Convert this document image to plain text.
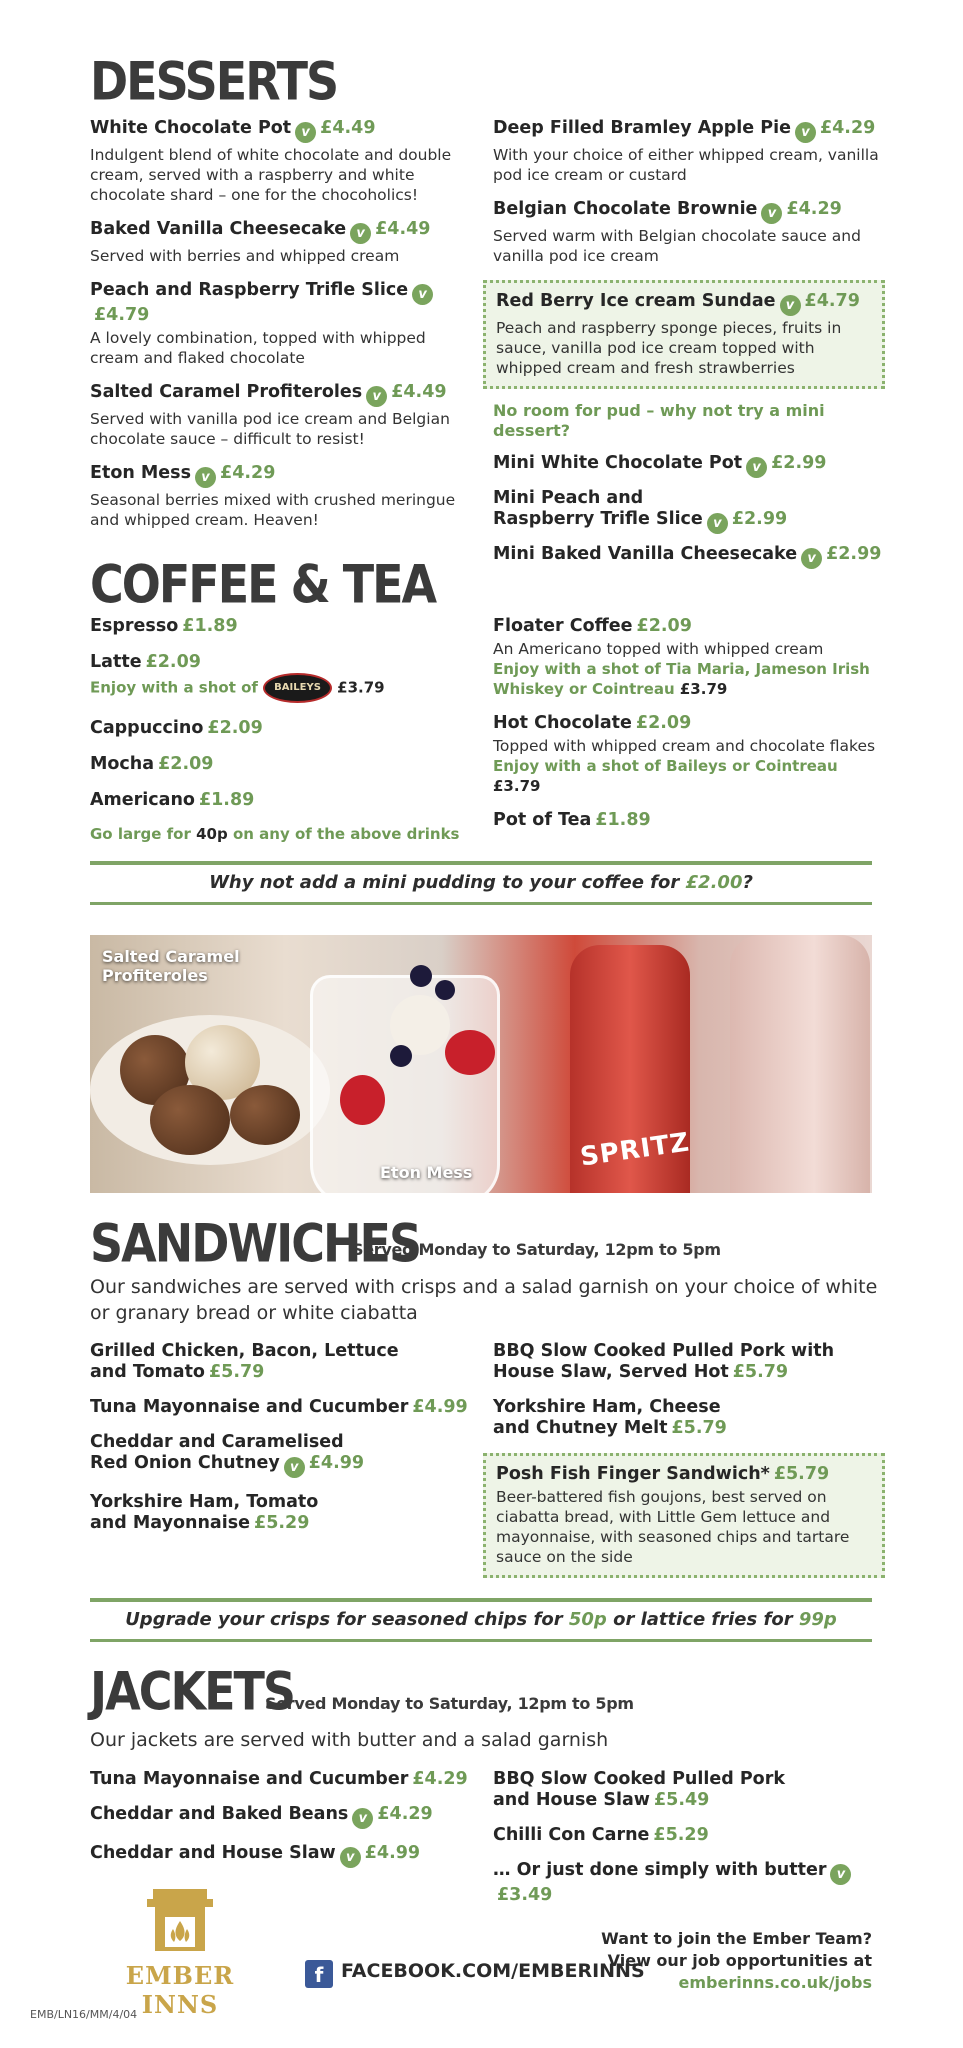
DESSERTS
White Chocolate Pot v £4.49
Indulgent blend of white chocolate and double cream, served with a raspberry and white chocolate shard – one for the chocoholics!
Baked Vanilla Cheesecake v £4.49
Served with berries and whipped cream
Peach and Raspberry Trifle Slice v£4.79
A lovely combination, topped with whipped cream and flaked chocolate
Salted Caramel Profiteroles v £4.49
Served with vanilla pod ice cream and Belgian chocolate sauce – difficult to resist!
Eton Mess v £4.29
Seasonal berries mixed with crushed meringue and whipped cream. Heaven!
Deep Filled Bramley Apple Pie v £4.29
With your choice of either whipped cream, vanilla pod ice cream or custard
Belgian Chocolate Brownie v £4.29
Served warm with Belgian chocolate sauce and vanilla pod ice cream
Red Berry Ice cream Sundae v £4.79
Peach and raspberry sponge pieces, fruits in sauce, vanilla pod ice cream topped with whipped cream and fresh strawberries
No room for pud – why not try a mini dessert?
Mini White Chocolate Pot v £2.99
Mini Peach and
Raspberry Trifle Slice v £2.99
Mini Baked Vanilla Cheesecake v £2.99
COFFEE & TEA
Espresso £1.89
Latte £2.09
Enjoy with a shot of BAILEYS £3.79
Cappuccino £2.09
Mocha £2.09
Americano £1.89
Go large for 40p on any of the above drinks
Floater Coffee £2.09
An Americano topped with whipped cream
Enjoy with a shot of Tia Maria, Jameson Irish Whiskey or Cointreau £3.79
Hot Chocolate £2.09
Topped with whipped cream and chocolate flakes
Enjoy with a shot of Baileys or Cointreau £3.79
Pot of Tea £1.89
Why not add a mini pudding to your coffee for £2.00?
SPRITZ
Salted Caramel Profiteroles
Eton Mess
SANDWICHES
Served Monday to Saturday, 12pm to 5pm
Our sandwiches are served with crisps and a salad garnish on your choice of white or granary bread or white ciabatta
Grilled Chicken, Bacon, Lettuce
and Tomato £5.79
Tuna Mayonnaise and Cucumber £4.99
Cheddar and Caramelised
Red Onion Chutney v £4.99
Yorkshire Ham, Tomato
and Mayonnaise £5.29
BBQ Slow Cooked Pulled Pork with
House Slaw, Served Hot £5.79
Yorkshire Ham, Cheese
and Chutney Melt £5.79
Posh Fish Finger Sandwich* £5.79
Beer-battered fish goujons, best served on ciabatta bread, with Little Gem lettuce and mayonnaise, with seasoned chips and tartare sauce on the side
Upgrade your crisps for seasoned chips for 50p or lattice fries for 99p
JACKETS
Served Monday to Saturday, 12pm to 5pm
Our jackets are served with butter and a salad garnish
Tuna Mayonnaise and Cucumber £4.29
Cheddar and Baked Beans v £4.29
Cheddar and House Slaw v £4.99
BBQ Slow Cooked Pulled Pork
and House Slaw £5.49
Chilli Con Carne £5.29
… Or just done simply with butter v£3.49
EMBER INNS
f FACEBOOK.COM/EMBERINNS
Want to join the Ember Team?
View our job opportunities at
emberinns.co.uk/jobs
EMB/LN16/MM/4/04
